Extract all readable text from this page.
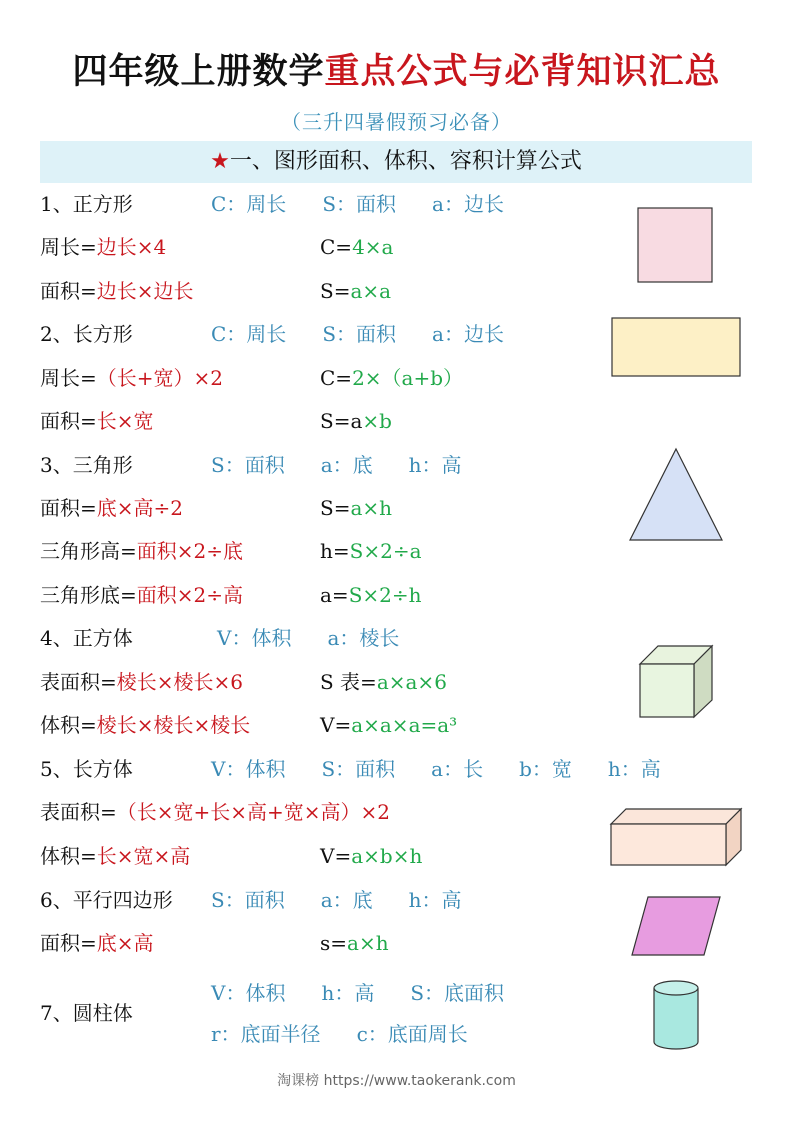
四年级上册数学重点公式与必背知识汇总
（三升四暑假预习必备）
★一、图形面积、体积、容积计算公式
1、正方形	C：周长 S：面积 a：边长
周长=边长×4	C=4×a
面积=边长×边长	S=a×a
2、长方形	C：周长 S：面积 a：边长
周长=（长+宽）×2	C=2×（a+b）
面积=长×宽	S=a×b
3、三角形	S：面积 a：底 h：高
面积=底×高÷2	S=a×h
三角形高=面积×2÷底	h=S×2÷a
三角形底=面积×2÷高	a=S×2÷h
4、正方体	V：体积 a：棱长
表面积=棱长×棱长×6	S 表=a×a×6
体积=棱长×棱长×棱长	V=a×a×a=a³
5、长方体	V：体积 S：面积 a：长 b：宽 h：高
表面积=（长×宽+长×高+宽×高）×2
体积=长×宽×高	V=a×b×h
6、平行四边形 S：面积 a：底 h：高
面积=底×高	s=a×h
7、圆柱体
V：体积 h：高 S：底面积
r：底面半径 c：底面周长
淘课榜 https://www.taokerank.com
